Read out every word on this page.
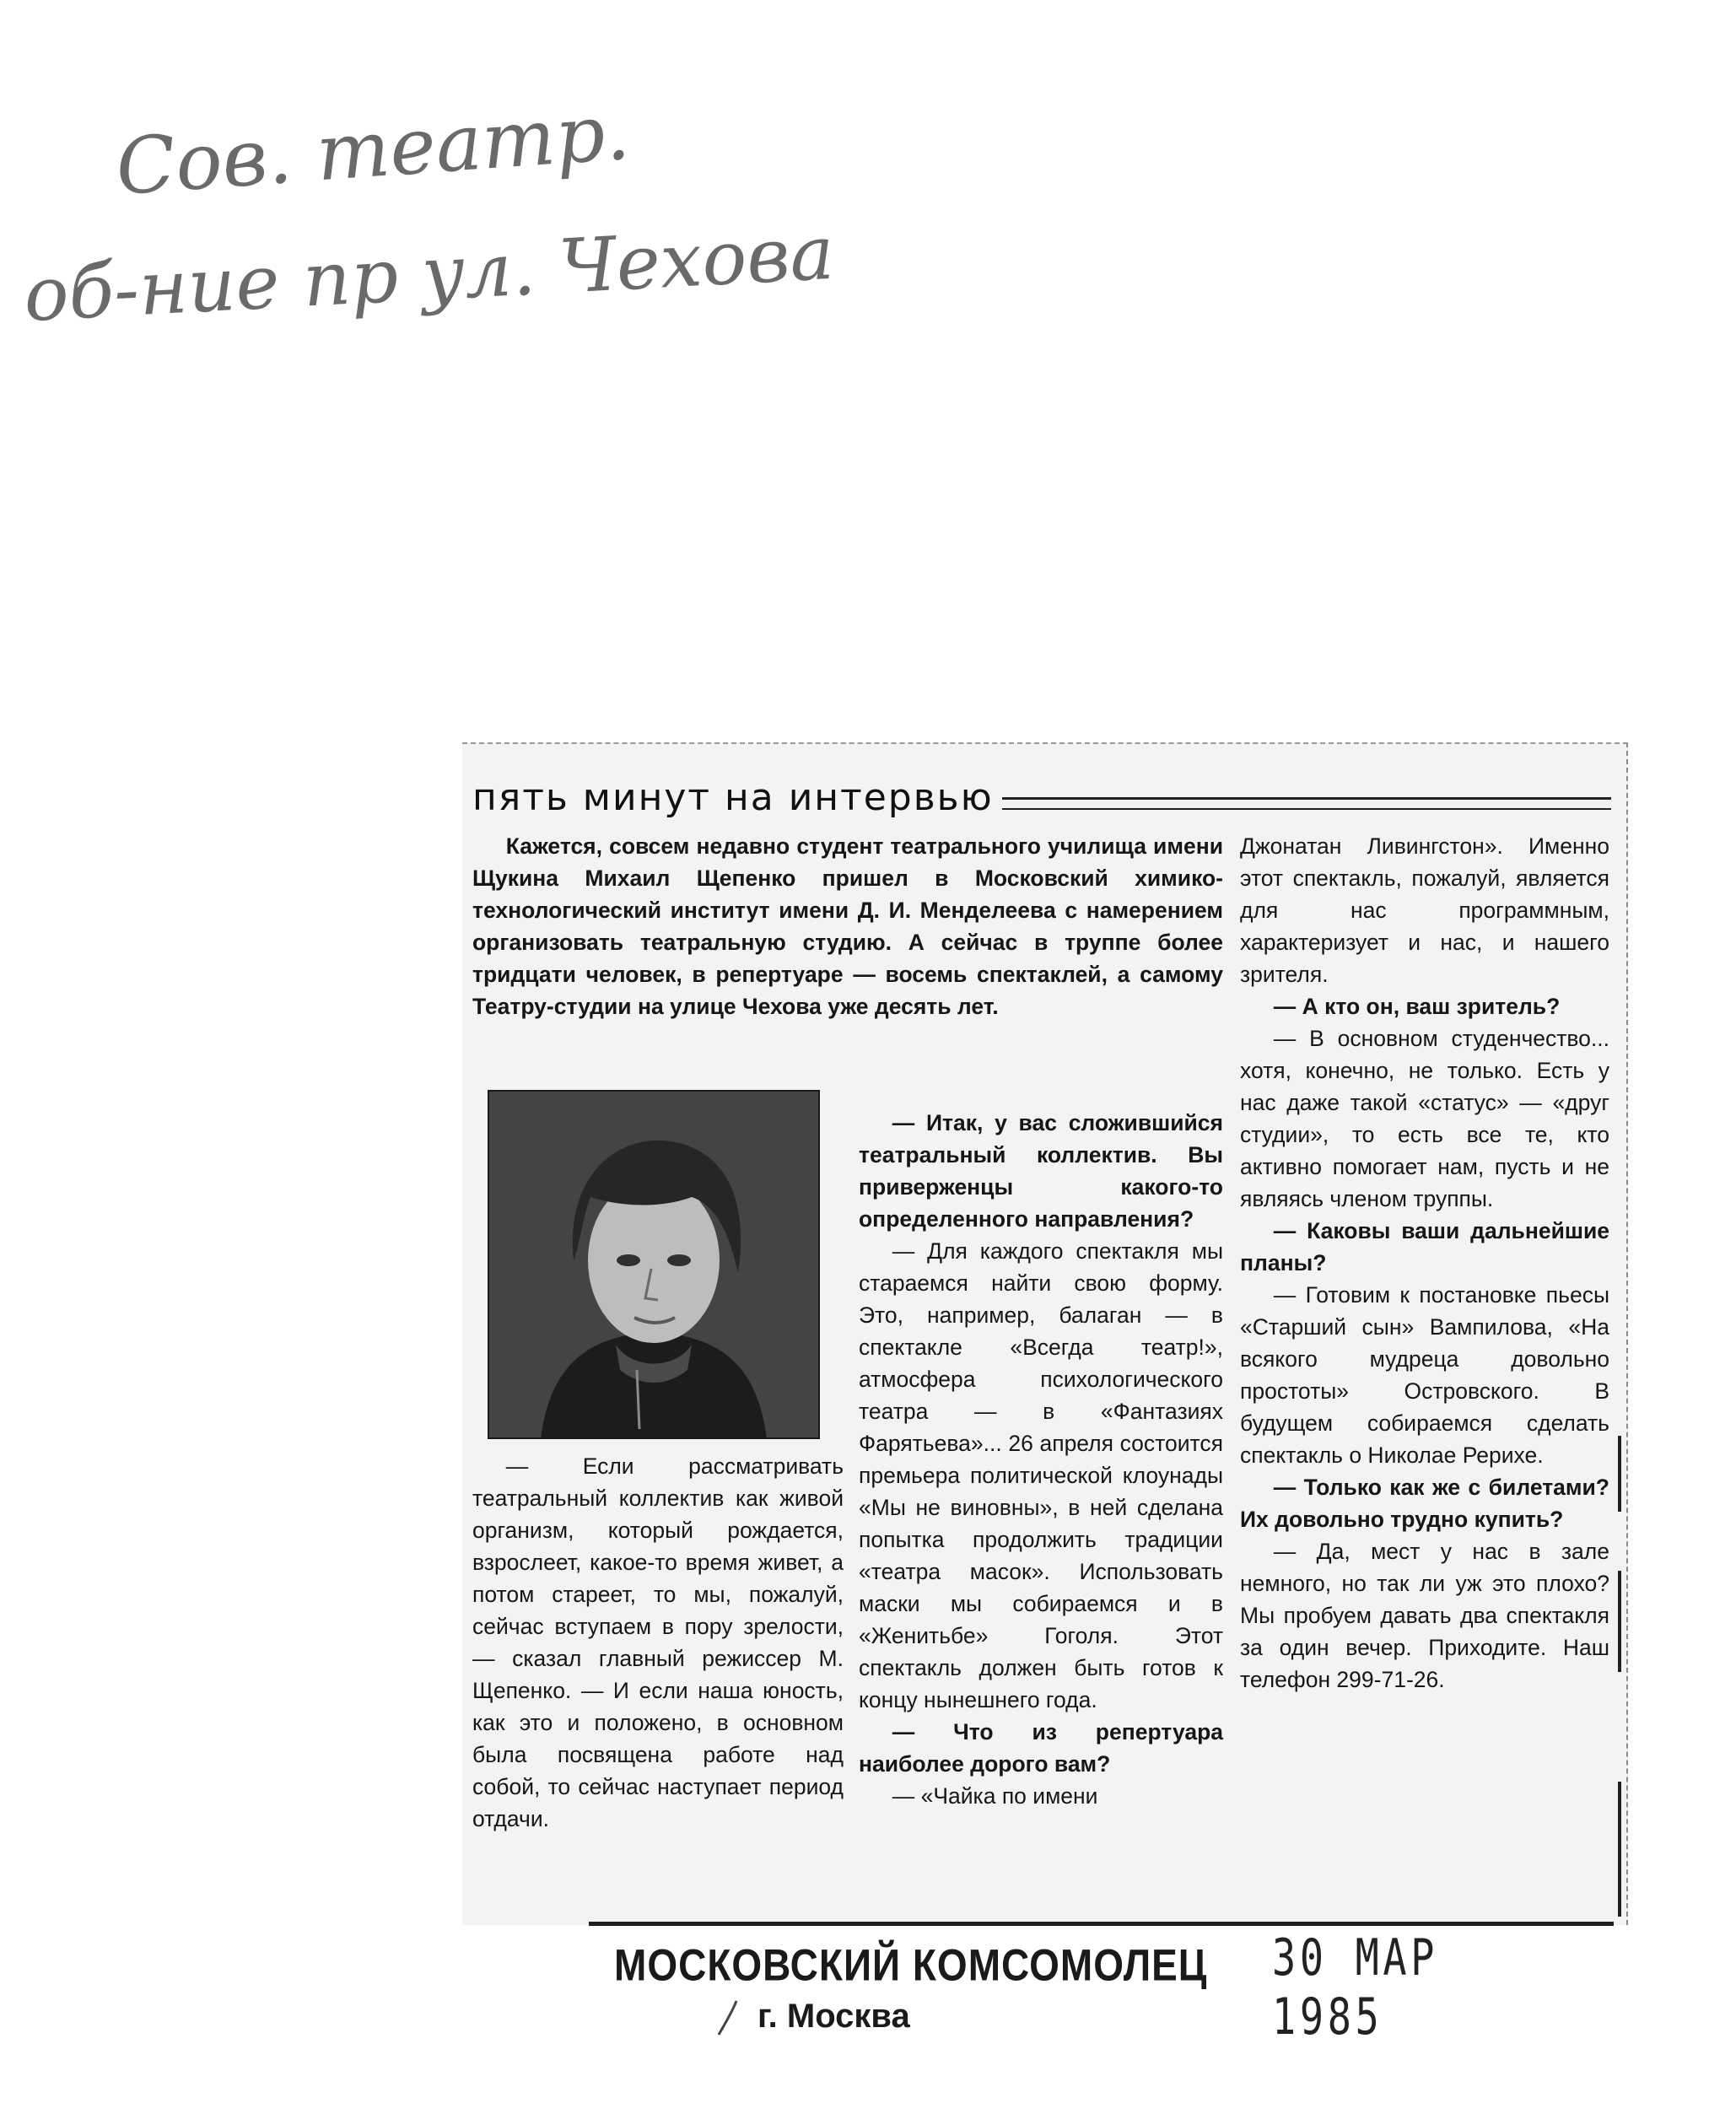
Сов. театр.
об-ние пр ул. Чехова
пять минут на интервью

Кажется, совсем недавно студент театрального училища имени Щукина Михаил Щепенко пришел в Московский химико-технологический институт имени Д. И. Менделеева с намерением организовать театральную студию. А сейчас в труппе более тридцати человек, в репертуаре — восемь спектаклей, а самому Театру-студии на улице Чехова уже десять лет.

— Итак, у вас сложившийся театральный коллектив. Вы приверженцы какого-то определенного направления?

— Для каждого спектакля мы стараемся найти свою форму. Это, например, балаган — в спектакле «Всегда театр!», атмосфера психологического театра — в «Фантазиях Фарятьева»... 26 апреля состоится премьера политической клоунады «Мы не виновны», в ней сделана попытка продолжить традиции «театра масок». Использовать маски мы собираемся и в «Женитьбе» Гоголя. Этот спектакль должен быть готов к концу нынешнего года.

— Что из репертуара наиболее дорого вам?

— «Чайка по имени

— Если рассматривать театральный коллектив как живой организм, который рождается, взрослеет, какое-то время живет, а потом стареет, то мы, пожалуй, сейчас вступаем в пору зрелости, — сказал главный режиссер М. Щепенко. — И если наша юность, как это и положено, в основном была посвящена работе над собой, то сейчас наступает период отдачи.

Джонатан Ливингстон». Именно этот спектакль, пожалуй, является для нас программным, характеризует и нас, и нашего зрителя.

— А кто он, ваш зритель?

— В основном студенчество... хотя, конечно, не только. Есть у нас даже такой «статус» — «друг студии», то есть все те, кто активно помогает нам, пусть и не являясь членом труппы.

— Каковы ваши дальнейшие планы?

— Готовим к постановке пьесы «Старший сын» Вампилова, «На всякого мудреца довольно простоты» Островского. В будущем собираемся сделать спектакль о Николае Рерихе.

— Только как же с билетами? Их довольно трудно купить?

— Да, мест у нас в зале немного, но так ли уж это плохо? Мы пробуем давать два спектакля за один вечер. Приходите. Наш телефон 299-71-26.

МОСКОВСКИЙ КОМСОМОЛЕЦ
г. Москва
30 МАР 1985
